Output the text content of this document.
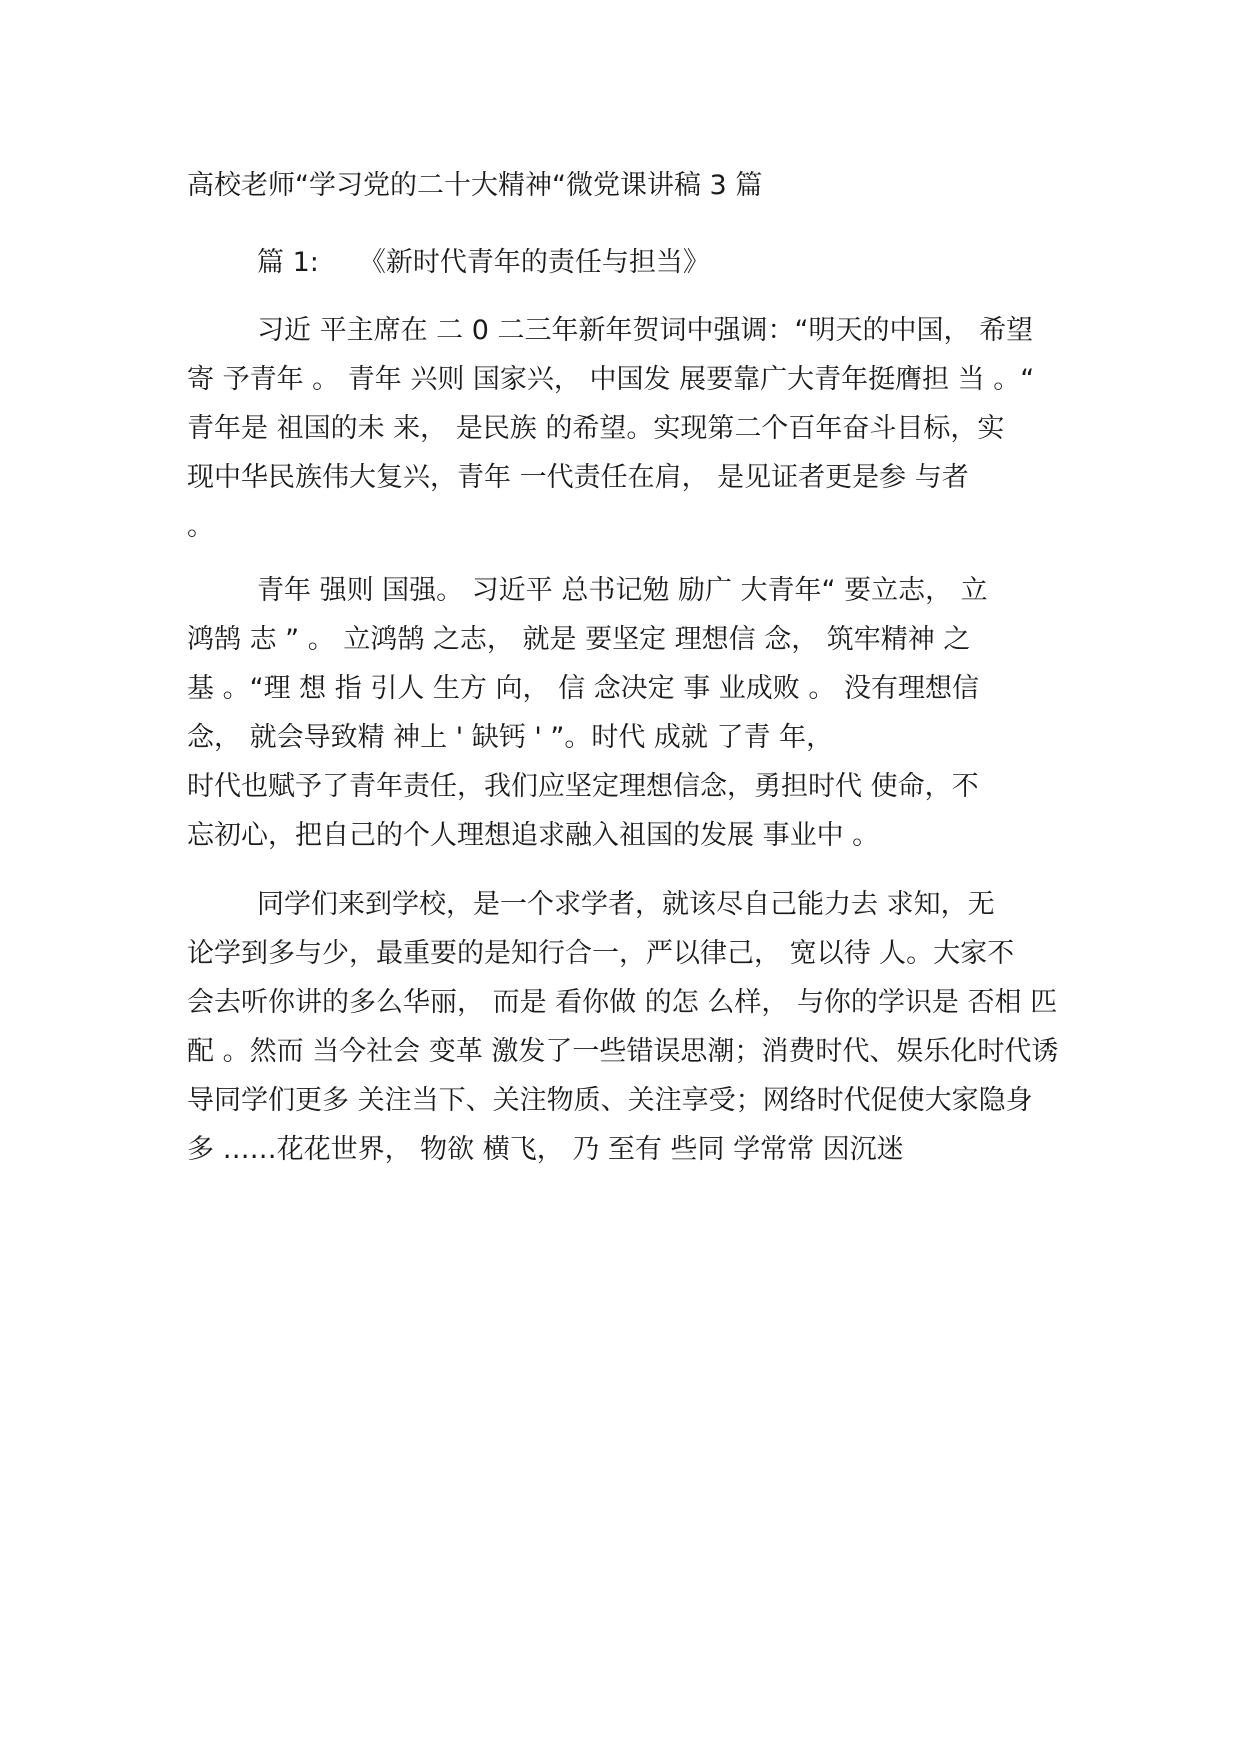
高校老师“学习党的二十大精神“微党课讲稿 3 篇
篇 1: 《新时代青年的责任与担当》
习近 平主席在 二 0 二三年新年贺词中强调：“明天的中国， 希望
寄 予青年 。 青年 兴则 国家兴， 中国发 展要靠广大青年挺膺担 当 。“
青年是 祖国的未 来， 是民族 的希望。实现第二个百年奋斗目标，实
现中华民族伟大复兴，青年 一代责任在肩， 是见证者更是参 与者
。
青年 强则 国强。 习近平 总书记勉 励广 大青年“ 要立志， 立
鸿鹄 志 ” 。 立鸿鹄 之志， 就是 要坚定 理想信 念， 筑牢精神 之
基 。“理 想 指 引人 生方 向， 信 念决定 事 业成败 。 没有理想信
念， 就会导致精 神上 ' 缺钙 ' ”。时代 成就 了青 年，
时代也赋予了青年责任，我们应坚定理想信念，勇担时代 使命，不
忘初心，把自己的个人理想追求融入祖国的发展 事业中 。
同学们来到学校，是一个求学者，就该尽自己能力去 求知，无
论学到多与少，最重要的是知行合一，严以律己， 宽以待 人。大家不
会去听你讲的多么华丽， 而是 看你做 的怎 么样， 与你的学识是 否相 匹
配 。然而 当今社会 变革 激发了一些错误思潮；消费时代、娱乐化时代诱
导同学们更多 关注当下、关注物质、关注享受；网络时代促使大家隐身
多 ……花花世界， 物欲 横飞， 乃 至有 些同 学常常 因沉迷
